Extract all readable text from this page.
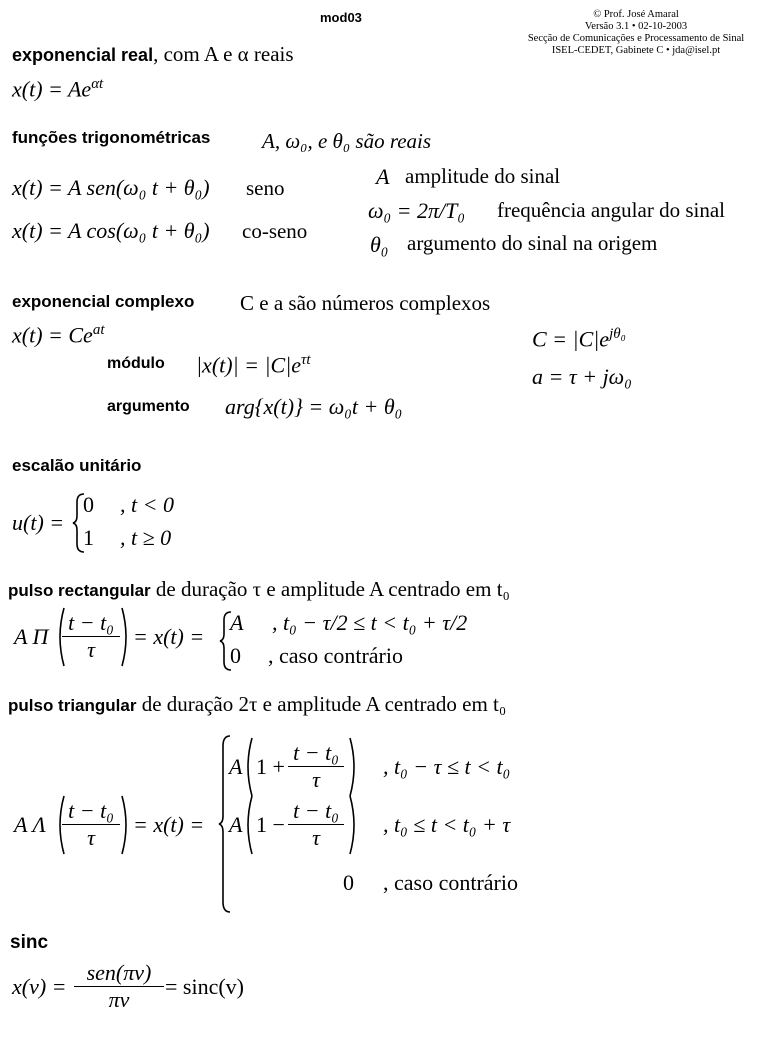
mod03	© Prof. José Amaral
Versão 3.1 • 02-10-2003
Secção de Comunicações e Processamento de Sinal
ISEL-CEDET, Gabinete C • jda@isel.pt
exponencial real, com A e α reais
$x(t) = Ae^{\alpha t}$
funções trigonométricas A, ω₀, e θ₀ são reais
x(t) = A sen(ω₀ t + θ₀) seno
x(t) = A cos(ω₀ t + θ₀) co-seno
A amplitude do sinal
ω₀ = 2π/T₀ frequência angular do sinal
θ₀ argumento do sinal na origem
exponencial complexo C e a são números complexos
$x(t) = Ce^{at}$
módulo $|x(t)| = |C|e^{\tau t}$
argumento arg{x(t)} = ω₀t + θ₀
$C = |C|e^{j\theta_0}$
a = τ + jω₀
escalão unitário
u(t) =
0 , t < 0
1 , t ≥ 0
pulso rectangular de duração τ e amplitude A centrado em t₀
A Π $\frac{\text{t − t₀}}{\tau} = x(t)$ =
A , t₀ − τ/2 ≤ t < t₀ + τ/2
0 , caso contrário
pulso triangular de duração 2τ e amplitude A centrado em t₀
A Λ $\frac{\text{t − t₀}}{\tau} = x(t)$ =
A $1 + \frac{\text{t − t₀}}{\tau}$ , t₀ − τ ≤ t < t₀
A $1 - \frac{\text{t − t₀}}{\tau}$ , t₀ ≤ t < t₀ + τ
0 , caso contrário
sinc
x(v) =
sen(πv)
πv
= sinc(v)
